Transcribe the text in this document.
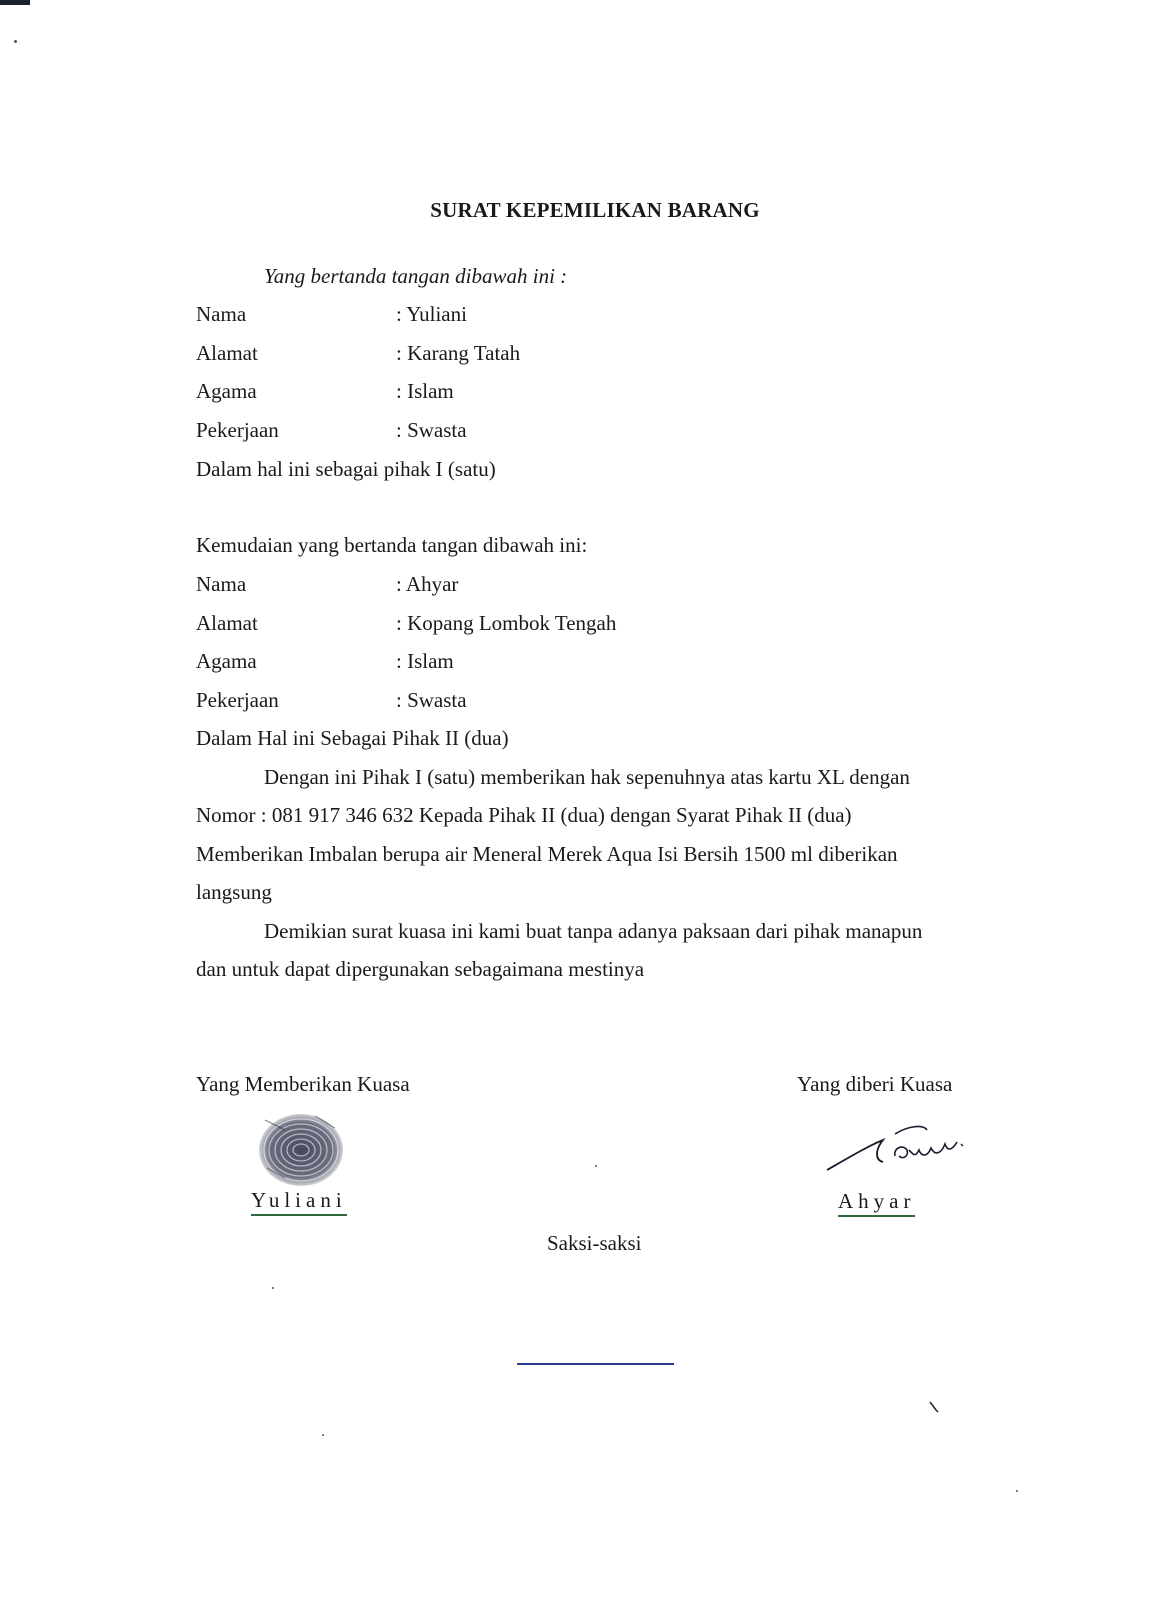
SURAT KEPEMILIKAN BARANG
Yang bertanda tangan dibawah ini :
Nama	: Yuliani
Alamat	: Karang Tatah
Agama	: Islam
Pekerjaan	: Swasta
Dalam hal ini sebagai pihak I (satu)
Kemudaian yang bertanda tangan dibawah ini:
Nama	: Ahyar
Alamat	: Kopang Lombok Tengah
Agama	: Islam
Pekerjaan	: Swasta
Dalam Hal ini Sebagai Pihak II (dua)
Dengan ini Pihak I (satu) memberikan hak sepenuhnya atas kartu XL dengan
Nomor : 081 917 346 632 Kepada Pihak II (dua) dengan Syarat Pihak II (dua)
Memberikan Imbalan berupa air Meneral Merek Aqua Isi Bersih 1500 ml diberikan
langsung
Demikian surat kuasa ini kami buat tanpa adanya paksaan dari pihak manapun
dan untuk dapat dipergunakan sebagaimana mestinya
Yang Memberikan Kuasa	Yang diberi Kuasa
Yuliani	Ahyar
Saksi-saksi
